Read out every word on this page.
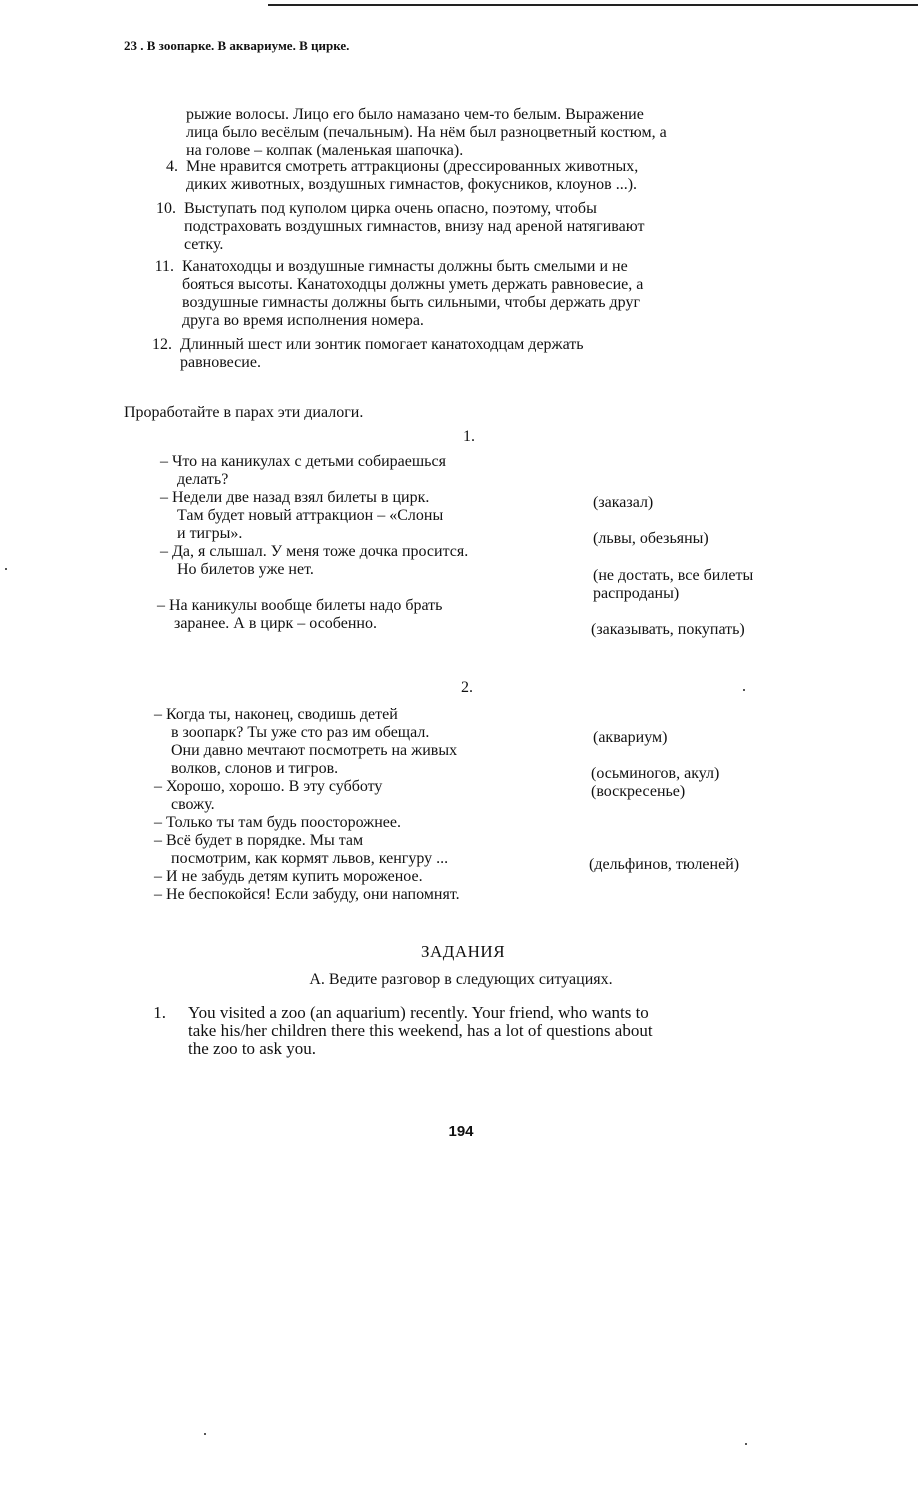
23 . В зоопарке. В аквариуме. В цирке.
рыжие волосы. Лицо его было намазано чем-то белым. Выражение
лица было весёлым (печальным). На нём был разноцветный костюм, а
на голове – колпак (маленькая шапочка).
4. Мне нравится смотреть аттракционы (дрессированных животных,
диких животных, воздушных гимнастов, фокусников, клоунов ...).
10. Выступать под куполом цирка очень опасно, поэтому, чтобы
подстраховать воздушных гимнастов, внизу над ареной натягивают
сетку.
11. Канатоходцы и воздушные гимнасты должны быть смелыми и не
бояться высоты. Канатоходцы должны уметь держать равновесие, а
воздушные гимнасты должны быть сильными, чтобы держать друг
друга во время исполнения номера.
12. Длинный шест или зонтик помогает канатоходцам держать
равновесие.
Проработайте в парах эти диалоги.
1.
– Что на каникулах с детьми собираешься
делать?
– Недели две назад взял билеты в цирк.
Там будет новый аттракцион – «Слоны
и тигры».
– Да, я слышал. У меня тоже дочка просится.
Но билетов уже нет.
– На каникулы вообще билеты надо брать
заранее. А в цирк – особенно.
(заказал)
(львы, обезьяны)
(не достать, все билеты
распроданы)
(заказывать, покупать)
2.
– Когда ты, наконец, сводишь детей
в зоопарк? Ты уже сто раз им обещал.
Они давно мечтают посмотреть на живых
волков, слонов и тигров.
– Хорошо, хорошо. В эту субботу
свожу.
– Только ты там будь поосторожнее.
– Всё будет в порядке. Мы там
посмотрим, как кормят львов, кенгуру ...
– И не забудь детям купить мороженое.
– Не беспокойся! Если забуду, они напомнят.
(аквариум)
(осьминогов, акул)
(воскресенье)
(дельфинов, тюленей)
ЗАДАНИЯ
А. Ведите разговор в следующих ситуациях.
1. You visited a zoo (an aquarium) recently. Your friend, who wants to
take his/her children there this weekend, has a lot of questions about
the zoo to ask you.
194
